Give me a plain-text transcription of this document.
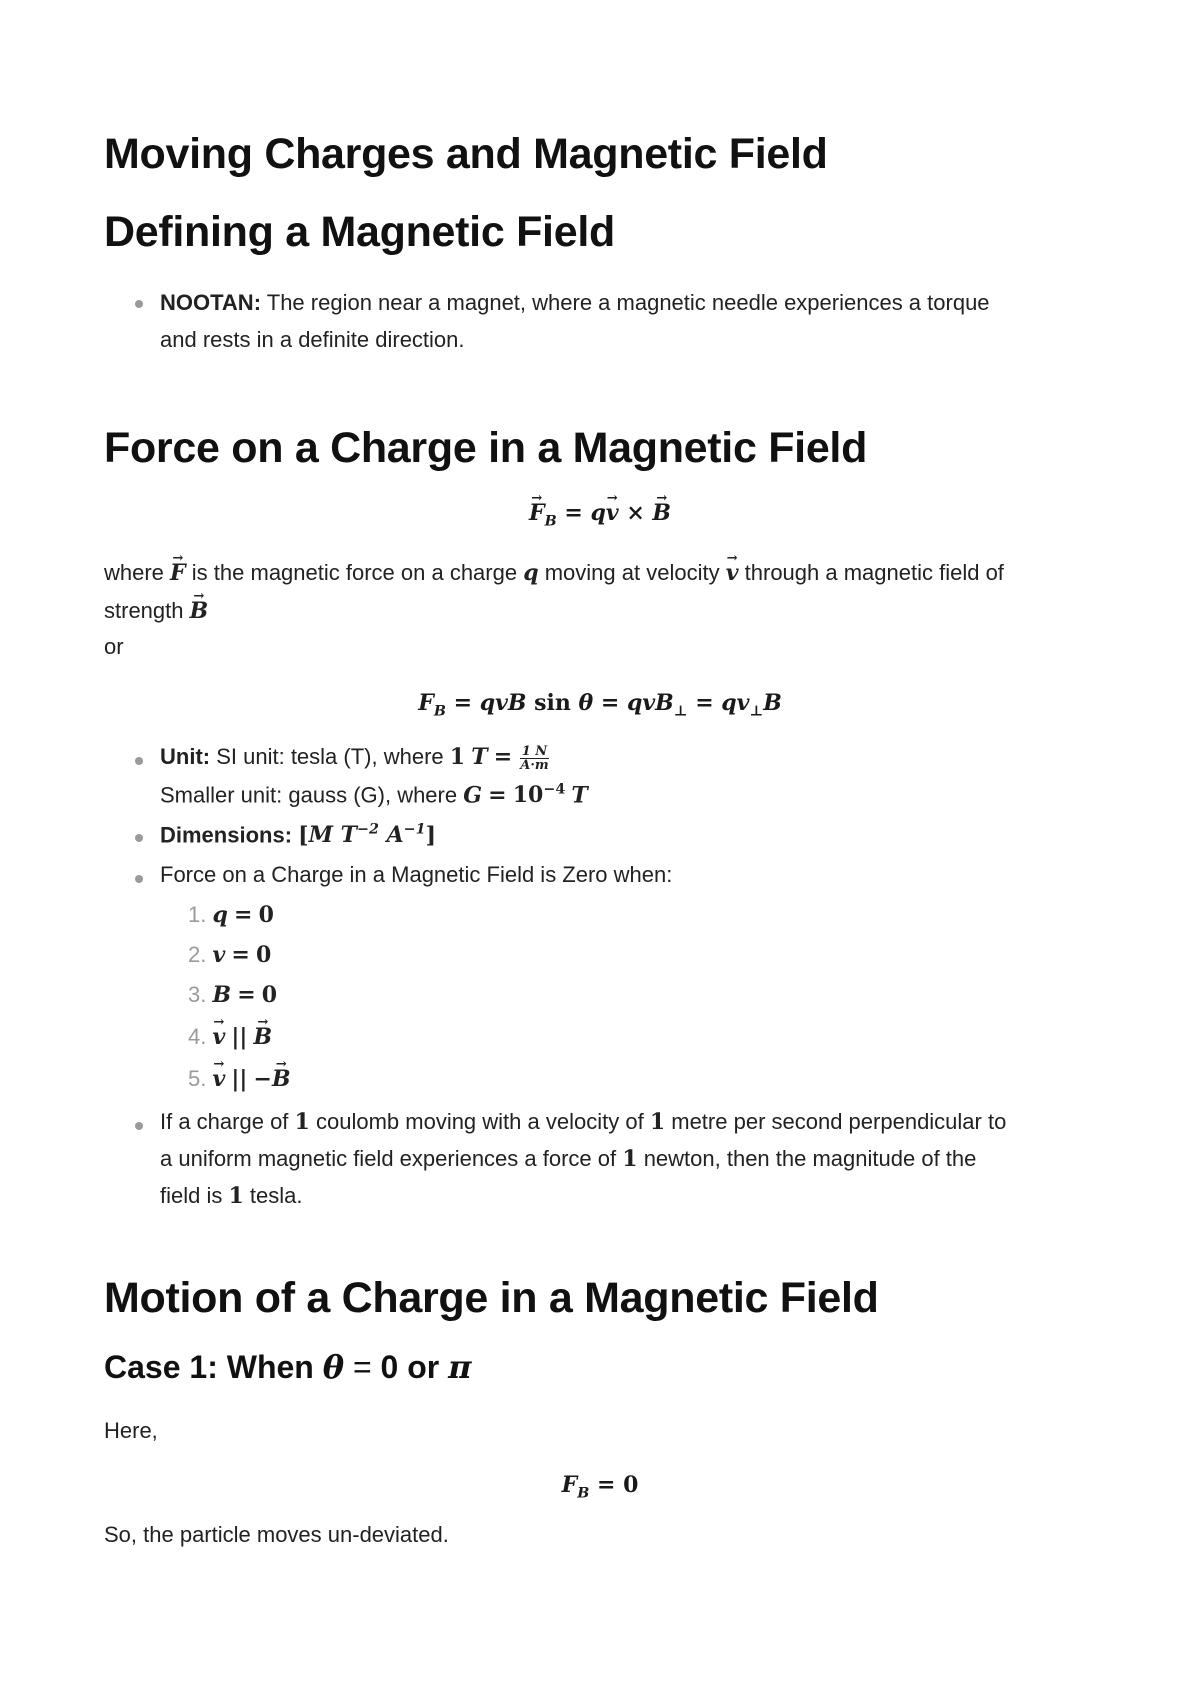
Moving Charges and Magnetic Field
Defining a Magnetic Field
NOOTAN: The region near a magnet, where a magnetic needle experiences a torque
and rests in a definite direction.
Force on a Charge in a Magnetic Field
→ $F_B = q\to v$ × → B
where → F is the magnetic force on a charge q moving at velocity → v through a magnetic field of
strength → B
or
$F_B$ = qvB $\sin \theta = qvB_\perp = qv_\perp B$
Unit: SI unit: tesla (T), where 1 $T = \frac{1 N}{A\cdot m}$
Smaller unit: gauss (G), where $G = 10^{-4}$ T
Dimensions: [M $T^{-2}$ $A^{-1}$]
Force on a Charge in a Magnetic Field is Zero when:
1. q = 0
2. v = 0
3. B = 0
4. → v || → B
5. → v || −→ B
If a charge of 1 coulomb moving with a velocity of 1 metre per second perpendicular to
a uniform magnetic field experiences a force of 1 newton, then the magnitude of the
field is 1 tesla.
Motion of a Charge in a Magnetic Field
Case 1: When θ = 0 or π
Here,
$F_B = 0$
So, the particle moves un-deviated.
